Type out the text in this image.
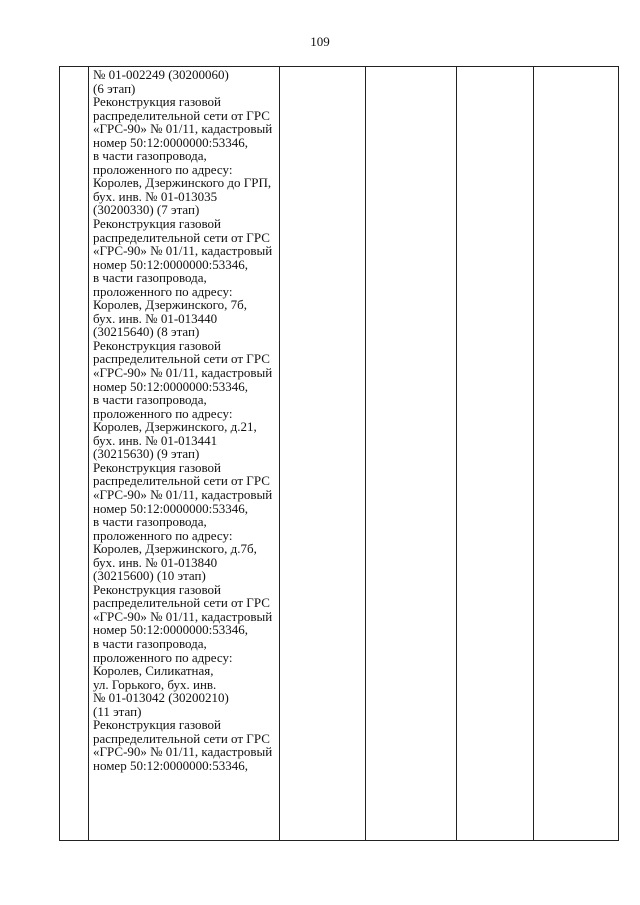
109

№ 01-002249 (30200060)
(6 этап)
Реконструкция газовой
распределительной сети от ГРС
«ГРС-90» № 01/11, кадастровый
номер 50:12:0000000:53346,
в части газопровода,
проложенного по адресу:
Королев, Дзержинского до ГРП,
бух. инв. № 01-013035
(30200330) (7 этап)
Реконструкция газовой
распределительной сети от ГРС
«ГРС-90» № 01/11, кадастровый
номер 50:12:0000000:53346,
в части газопровода,
проложенного по адресу:
Королев, Дзержинского, 7б,
бух. инв. № 01-013440
(30215640) (8 этап)
Реконструкция газовой
распределительной сети от ГРС
«ГРС-90» № 01/11, кадастровый
номер 50:12:0000000:53346,
в части газопровода,
проложенного по адресу:
Королев, Дзержинского, д.21,
бух. инв. № 01-013441
(30215630) (9 этап)
Реконструкция газовой
распределительной сети от ГРС
«ГРС-90» № 01/11, кадастровый
номер 50:12:0000000:53346,
в части газопровода,
проложенного по адресу:
Королев, Дзержинского, д.7б,
бух. инв. № 01-013840
(30215600) (10 этап)
Реконструкция газовой
распределительной сети от ГРС
«ГРС-90» № 01/11, кадастровый
номер 50:12:0000000:53346,
в части газопровода,
проложенного по адресу:
Королев, Силикатная,
ул. Горького, бух. инв.
№ 01-013042 (30200210)
(11 этап)
Реконструкция газовой
распределительной сети от ГРС
«ГРС-90» № 01/11, кадастровый
номер 50:12:0000000:53346,
